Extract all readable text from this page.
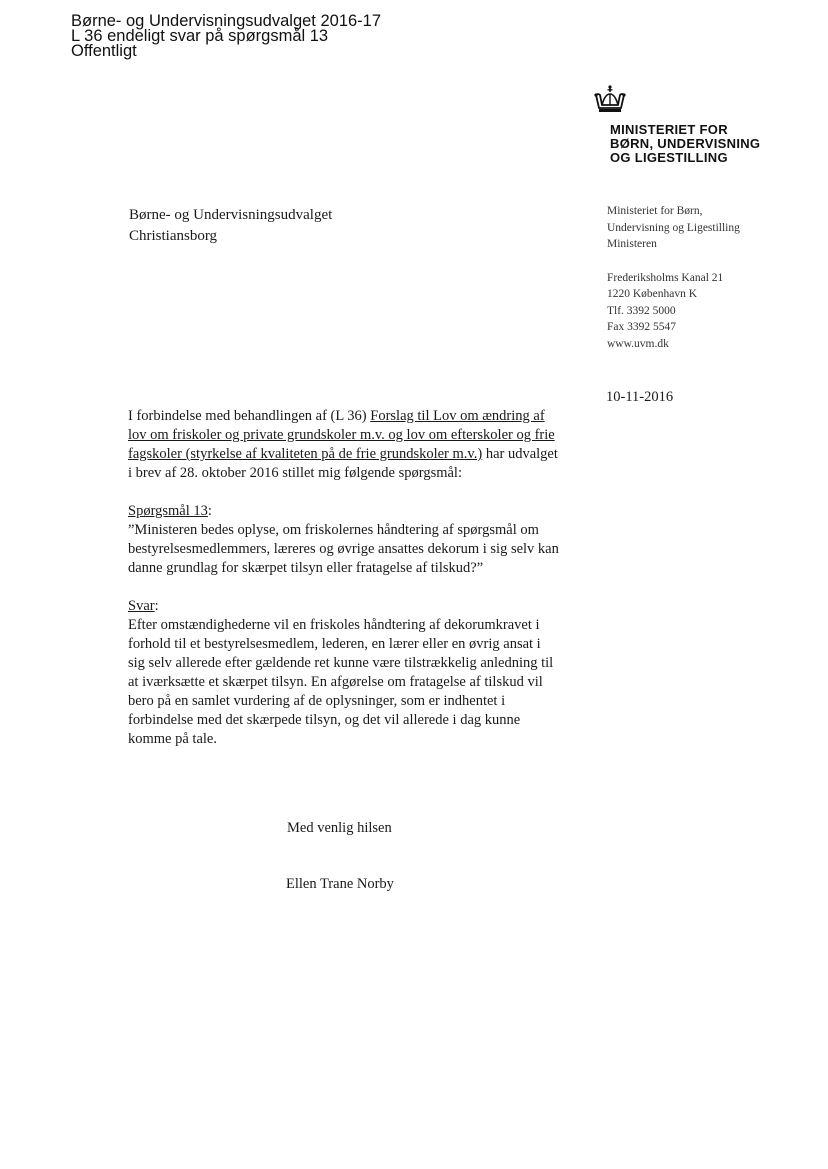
Børne- og Undervisningsudvalget 2016-17
L 36 endeligt svar på spørgsmål 13
Offentligt
MINISTERIET FOR
BØRN, UNDERVISNING
OG LIGESTILLING
Børne- og Undervisningsudvalget
Christiansborg
Ministeriet for Børn,
Undervisning og Ligestilling
Ministeren
Frederiksholms Kanal 21
1220 København K
Tlf. 3392 5000
Fax 3392 5547
www.uvm.dk
10-11-2016

I forbindelse med behandlingen af (L 36) Forslag til Lov om ændring af lov om friskoler og private grundskoler m.v. og lov om efterskoler og frie fagskoler (styrkelse af kvaliteten på de frie grundskoler m.v.) har udvalget i brev af 28. oktober 2016 stillet mig følgende spørgsmål:

Spørgsmål 13:

”Ministeren bedes oplyse, om friskolernes håndtering af spørgsmål om bestyrelsesmedlemmers, læreres og øvrige ansattes dekorum i sig selv kan danne grundlag for skærpet tilsyn eller fratagelse af tilskud?”

Svar:

Efter omstændighederne vil en friskoles håndtering af dekorumkravet i forhold til et bestyrelsesmedlem, lederen, en lærer eller en øvrig ansat i sig selv allerede efter gældende ret kunne være tilstrækkelig anledning til at iværksætte et skærpet tilsyn. En afgørelse om fratagelse af tilskud vil bero på en samlet vurdering af de oplysninger, som er indhentet i forbindelse med det skærpede tilsyn, og det vil allerede i dag kunne komme på tale.

Med venlig hilsen
Ellen Trane Norby
